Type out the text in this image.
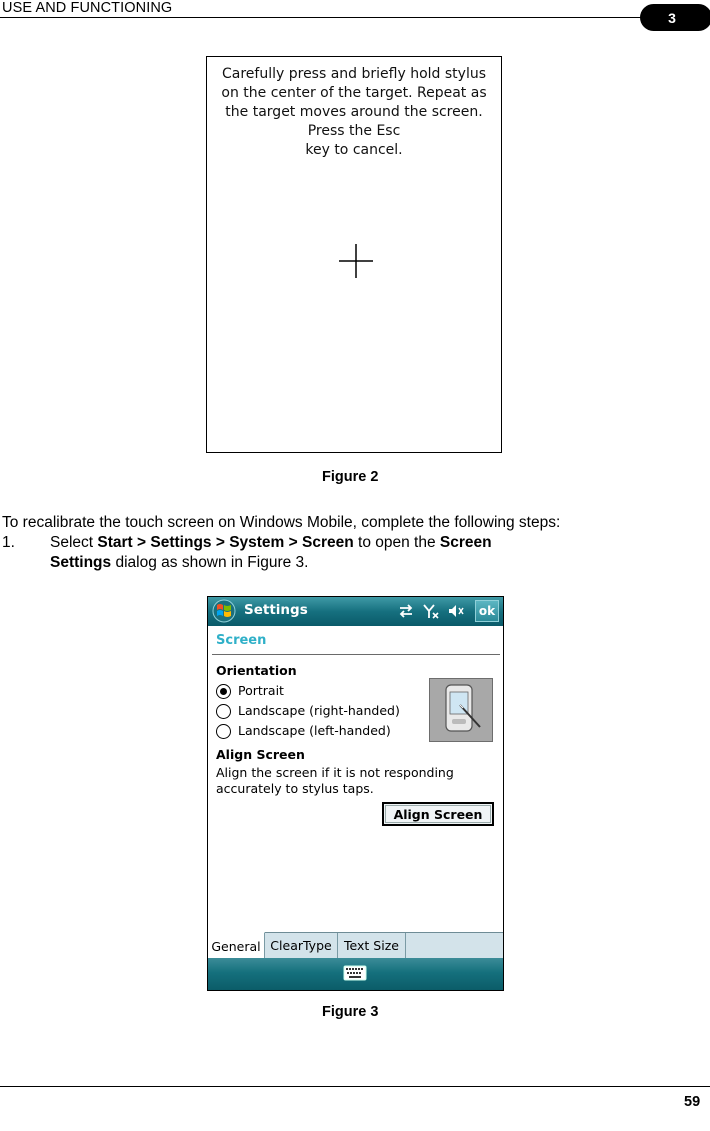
USE AND FUNCTIONING
3
Carefully press and briefly hold stylus
on the center of the target. Repeat as
the target moves around the screen.
Press the Esc
key to cancel.
Figure 2
To recalibrate the touch screen on Windows Mobile, complete the following steps:
1. Select Start > Settings > System > Screen to open the Screen
Settings dialog as shown in Figure 3.
Settings	ok
Screen
Orientation
Portrait
Landscape (right-handed)
Landscape (left-handed)
Align Screen
Align the screen if it is not responding
accurately to stylus taps.
Align Screen
General ClearType Text Size
Figure 3
59
